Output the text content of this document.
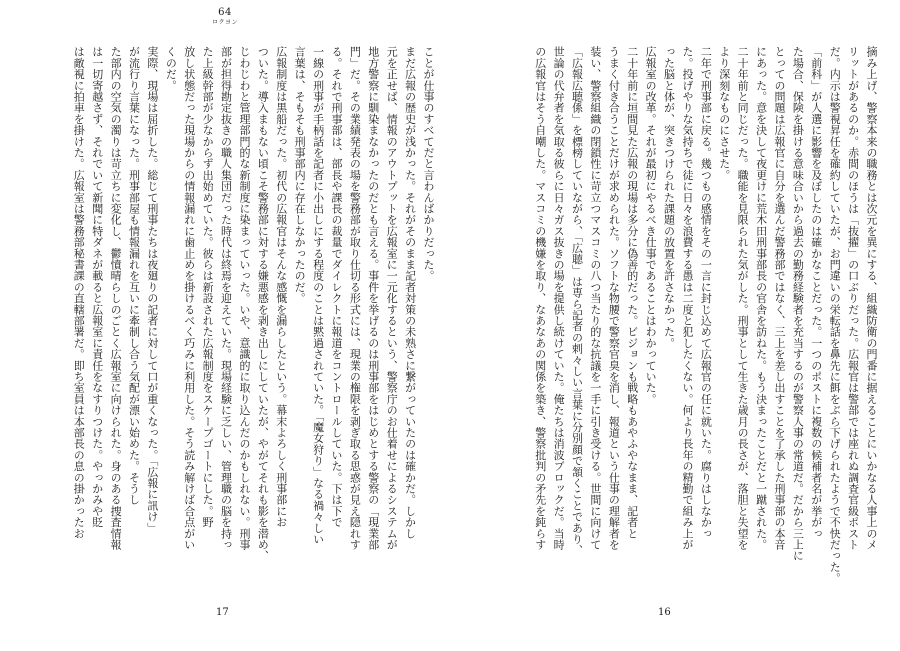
64
ロクヨン
ことが仕事のすべてだと言わんばかりだった。
まだ広報の歴史が浅かった。それがそのまま記者対策の未熟さに繋がっていたのは確かだ。しかし
元を正せば、情報のアウトプットを広報室に一元化するという、警察庁のお仕着せによるシステムが
地方警察に馴染まなかったのだとも言える。事件を挙げるのは刑事部をはじめとする警察の「現業部
門」だ。その業績発表の場を警務部が取り仕切る形式には、現業の権限を剥ぎ取る思惑が見え隠れす
る。それで刑事部は、部長や課長の裁量でダイレクトに報道をコントロールしていた。下は下で
一線の刑事が手柄話を記者に小出しにする程度のことは黙過されていた。「魔女狩り」なる禍々しい
言葉は、そもそも刑事部内に存在しなかったのだ。
広報制度は黒船だった。初代の広報官はそんな感慨を漏らしたという。幕末よろしく刑事部にお
ついた。導入まもない頃こそ警務部に対する嫌悪感を剥き出しにしていたが、やがてそれも影を潜め、
じわじわと管理部門的な新制度に染まっていった。いや、意識的に取り込んだのかもしれない。刑事
部が担得勘定抜きの職人集団だった時代は終焉を迎えていた。現場経験に乏しい、管理職の脳を持っ
た上級幹部が少なからず出始めていた。彼らは新設された広報制度をスケープゴートにした。野
放し状態だった現場からの情報漏れに歯止めを掛けるべく巧みに利用した。そう読み解けば合点がい
くのだ。
実際、現場は屈折した。総じて刑事たちは夜廻りの記者に対して口が重くなった。「広報に訊け」
が流行り言葉になった。刑事部屋も情報漏れを互いに牽制し合う気配が漂い始めた。そうし
た部内の空気の濁りは苛立ちに変化し、鬱憤晴らしのごとく広報室に向けられた。身のある捜査情報
は一切寄越さず、それでいて新聞に特ダネが載ると広報室に責任をなすりつけた。やっかみや貶
は敵視に拍車を掛けた。広報室は警務部秘書課の直轄部署だ。即ち室員は本部長の息の掛かったお
17
摘み上げ、警察本来の職務とは次元を異にする、組織防衛の門番に据えることにいかなる人事上のメ
リットがあるのか。赤間のほうは「抜擢」の口ぶりだった。広報官は警部では座れぬ調査官級ポスト
だ。内示は警視昇任を確約していたが、お門違いの栄転話を鼻先に餌をぶら下げられたようで不快だった。
「前科」が人選に影響を及ぼしたのは確かなことだった。一つのポストに複数の候補者名が挙がっ
た場合、保険を掛ける意味合いから過去の勤務経験者を充当するのが警察人事の常道だ。だから三上に
とっての問題は広報官に自分を選んだ警務部ではなく、三上を差し出すことを了承した刑事部の本音
にあった。意を決して夜更けに荒木田刑事部長の官舎を訪ねた。もう決まったことだと一蹴された。
二十年前と同じだった。職能を見限られた気がした。刑事として生きた歳月の長さが、落胆と失望を
より深刻なものにさせた。
二年で刑事部に戻る。幾つもの感情をその一言に封じ込めて広報官の任に就いた。腐りはしなかっ
た。投げやりな気持ちで徒に日々を浪費する愚は二度と犯したくない。何より長年の精勤で組み上が
った脳と体が、突きつけられた課題の放置を許さなかった。
広報室の改革。それが最初にやるべき仕事であることはわかっていた。
二十年前に垣間見た広報の現場は多分に偽善的だった。ビジョンも戦略もあやふやなまま、記者と
うまく付き合うことだけが求められた。ソフトな物腰で警察官臭を消し、報道という仕事の理解者を
装い、警察組織の閉鎖性に苛立つマスコミの八つ当たり的な抗議を一手に引き受ける。世間に向けて
「広報広聴係」を標榜していながら、「広聴」は専ら記者の剌々しい言葉に分別顔で頷くことであり、
世論の代弁者を気取る彼らに日々ガス抜きの場を提供し続けていた。俺たちは消波ブロックだ。当時
の広報官はそう自嘲した。マスコミの機嫌を取り、なあなあの関係を築き、警察批判の矛先を鈍らす
16
